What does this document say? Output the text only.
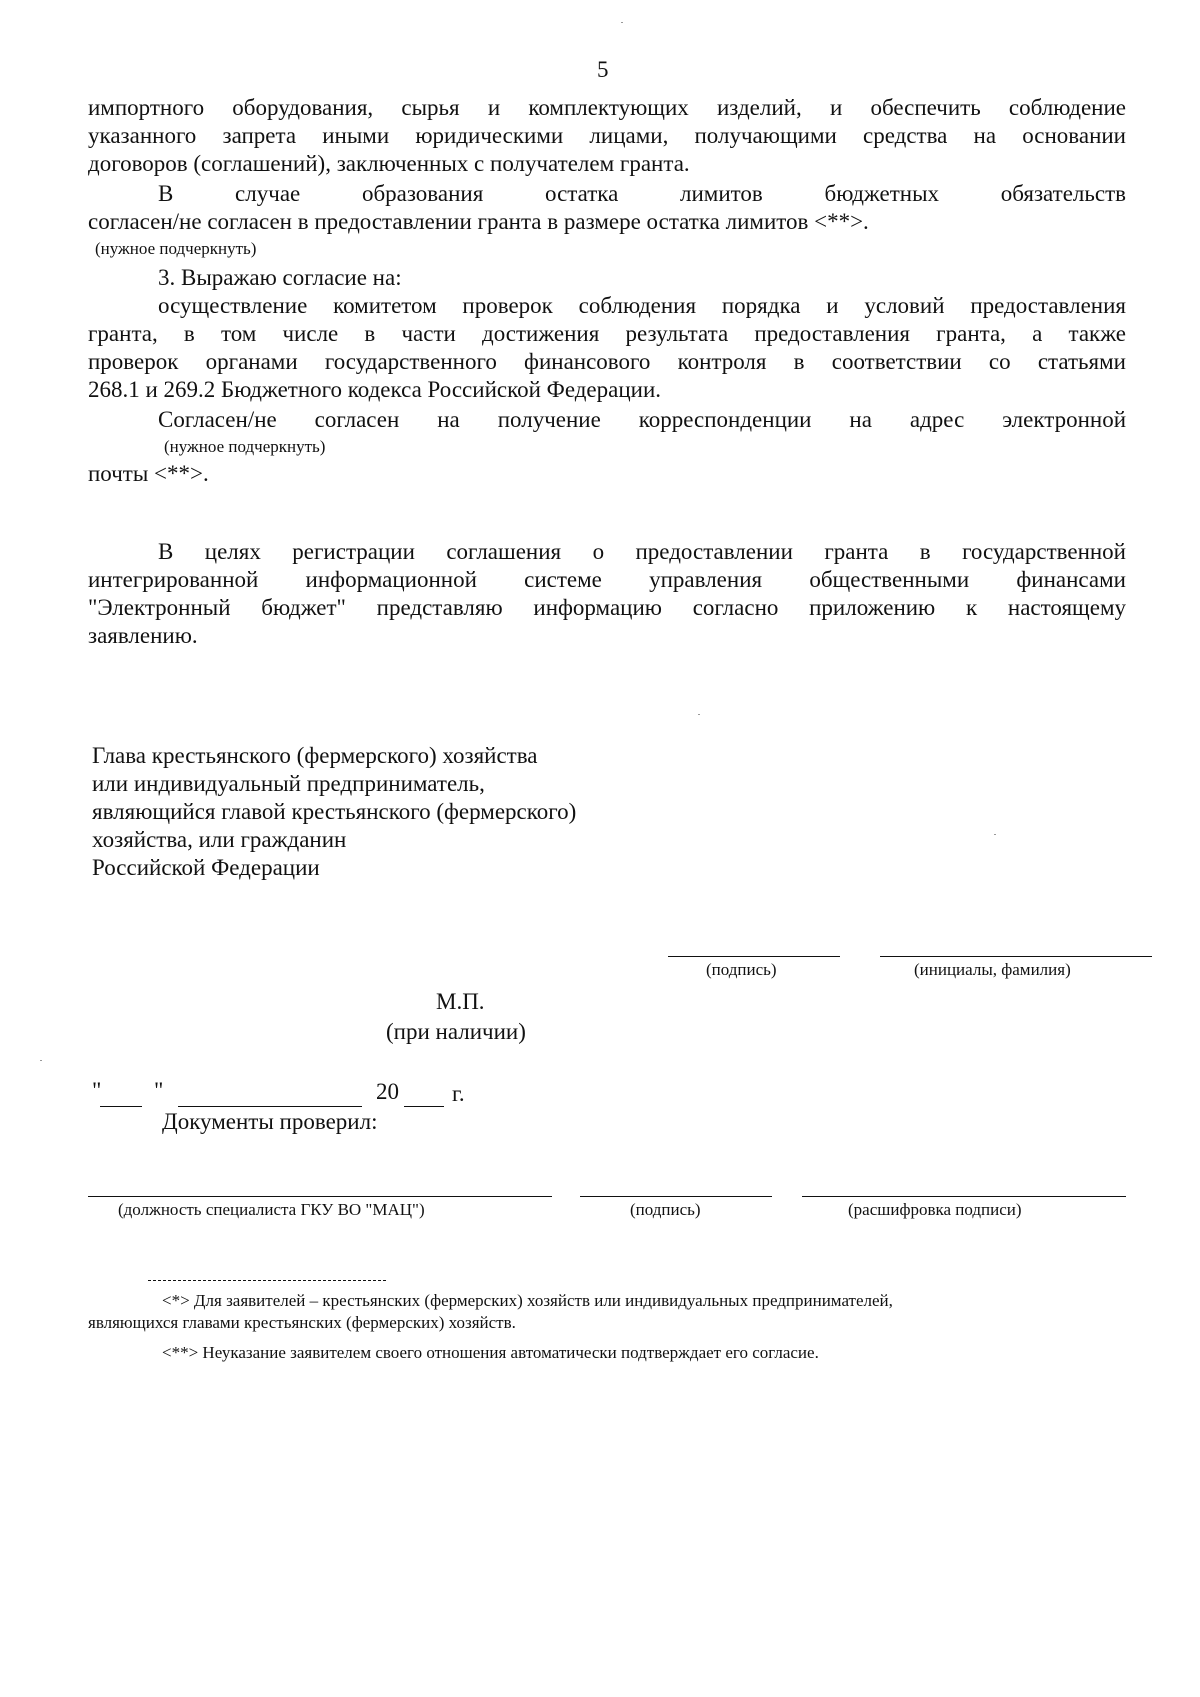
5
импортного оборудования, сырья и комплектующих изделий, и обеспечить соблюдение
указанного запрета иными юридическими лицами, получающими средства на основании
договоров (соглашений), заключенных с получателем гранта.
В случае образования остатка лимитов бюджетных обязательств
согласен/не согласен в предоставлении гранта в размере остатка лимитов <**>.
(нужное подчеркнуть)
3. Выражаю согласие на:
осуществление комитетом проверок соблюдения порядка и условий предоставления
гранта, в том числе в части достижения результата предоставления гранта, а также
проверок органами государственного финансового контроля в соответствии со статьями
268.1 и 269.2 Бюджетного кодекса Российской Федерации.
Согласен/не согласен на получение корреспонденции на адрес электронной
(нужное подчеркнуть)
почты <**>.
В целях регистрации соглашения о предоставлении гранта в государственной
интегрированной информационной системе управления общественными финансами
"Электронный бюджет" представляю информацию согласно приложению к настоящему
заявлению.
Глава крестьянского (фермерского) хозяйства
или индивидуальный предприниматель,
являющийся главой крестьянского (фермерского)
хозяйства, или гражданин
Российской Федерации
(подпись)	(инициалы, фамилия)
М.П.
(при наличии)
" "	20 г.
Документы проверил:
(должность специалиста ГКУ ВО "МАЦ")	(подпись)	(расшифровка подписи)
<*> Для заявителей – крестьянских (фермерских) хозяйств или индивидуальных предпринимателей,
являющихся главами крестьянских (фермерских) хозяйств.
<**> Неуказание заявителем своего отношения автоматически подтверждает его согласие.
